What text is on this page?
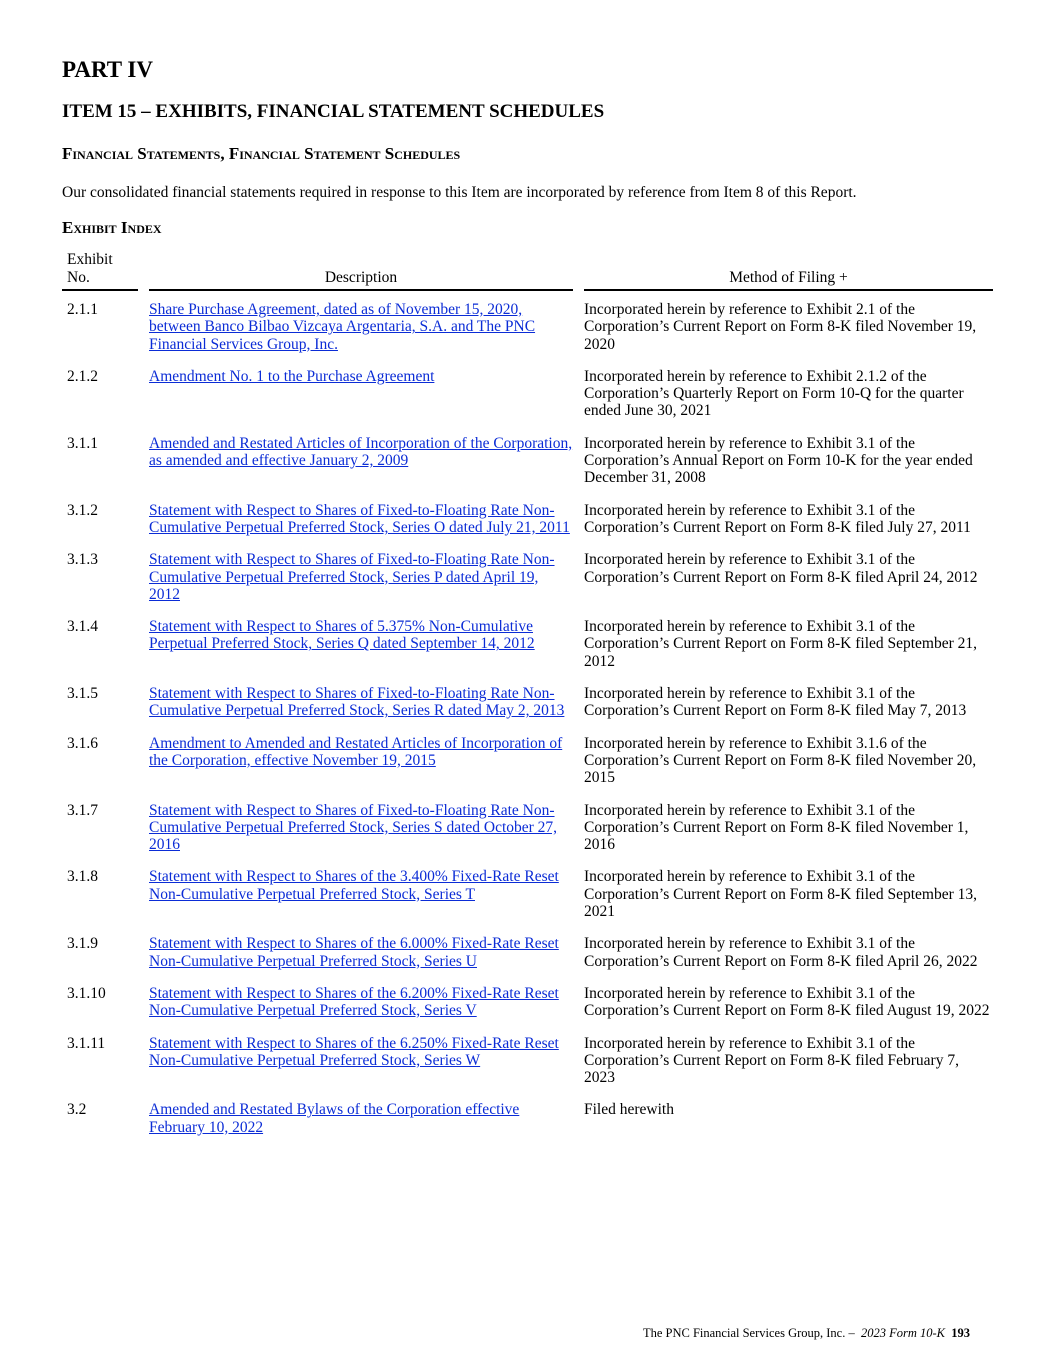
PART IV
ITEM 15 – EXHIBITS, FINANCIAL STATEMENT SCHEDULES

Financial Statements, Financial Statement Schedules

Our consolidated financial statements required in response to this Item are incorporated by reference from Item 8 of this Report.

Exhibit Index

Exhibit
No.	Description	Method of Filing +

2.1.1	Share Purchase Agreement, dated as of November 15, 2020, between Banco Bilbao Vizcaya Argentaria, S.A. and The PNC Financial Services Group, Inc.	Incorporated herein by reference to Exhibit 2.1 of the Corporation’s Current Report on Form 8-K filed November 19, 2020
2.1.2	Amendment No. 1 to the Purchase Agreement	Incorporated herein by reference to Exhibit 2.1.2 of the Corporation’s Quarterly Report on Form 10-Q for the quarter ended June 30, 2021
3.1.1	Amended and Restated Articles of Incorporation of the Corporation, as amended and effective January 2, 2009	Incorporated herein by reference to Exhibit 3.1 of the Corporation’s Annual Report on Form 10-K for the year ended December 31, 2008
3.1.2	Statement with Respect to Shares of Fixed-to-Floating Rate Non-Cumulative Perpetual Preferred Stock, Series O dated July 21, 2011	Incorporated herein by reference to Exhibit 3.1 of the Corporation’s Current Report on Form 8-K filed July 27, 2011
3.1.3	Statement with Respect to Shares of Fixed-to-Floating Rate Non-Cumulative Perpetual Preferred Stock, Series P dated April 19, 2012	Incorporated herein by reference to Exhibit 3.1 of the Corporation’s Current Report on Form 8-K filed April 24, 2012
3.1.4	Statement with Respect to Shares of 5.375% Non-Cumulative Perpetual Preferred Stock, Series Q dated September 14, 2012	Incorporated herein by reference to Exhibit 3.1 of the Corporation’s Current Report on Form 8-K filed September 21, 2012
3.1.5	Statement with Respect to Shares of Fixed-to-Floating Rate Non-Cumulative Perpetual Preferred Stock, Series R dated May 2, 2013	Incorporated herein by reference to Exhibit 3.1 of the Corporation’s Current Report on Form 8-K filed May 7, 2013
3.1.6	Amendment to Amended and Restated Articles of Incorporation of the Corporation, effective November 19, 2015	Incorporated herein by reference to Exhibit 3.1.6 of the Corporation’s Current Report on Form 8-K filed November 20, 2015
3.1.7	Statement with Respect to Shares of Fixed-to-Floating Rate Non-Cumulative Perpetual Preferred Stock, Series S dated October 27, 2016	Incorporated herein by reference to Exhibit 3.1 of the Corporation’s Current Report on Form 8-K filed November 1, 2016
3.1.8	Statement with Respect to Shares of the 3.400% Fixed-Rate Reset Non-Cumulative Perpetual Preferred Stock, Series T	Incorporated herein by reference to Exhibit 3.1 of the Corporation’s Current Report on Form 8-K filed September 13, 2021
3.1.9	Statement with Respect to Shares of the 6.000% Fixed-Rate Reset Non-Cumulative Perpetual Preferred Stock, Series U	Incorporated herein by reference to Exhibit 3.1 of the Corporation’s Current Report on Form 8-K filed April 26, 2022
3.1.10	Statement with Respect to Shares of the 6.200% Fixed-Rate Reset Non-Cumulative Perpetual Preferred Stock, Series V	Incorporated herein by reference to Exhibit 3.1 of the Corporation’s Current Report on Form 8-K filed August 19, 2022
3.1.11	Statement with Respect to Shares of the 6.250% Fixed-Rate Reset Non-Cumulative Perpetual Preferred Stock, Series W	Incorporated herein by reference to Exhibit 3.1 of the Corporation’s Current Report on Form 8-K filed February 7, 2023
3.2	Amended and Restated Bylaws of the Corporation effective February 10, 2022	Filed herewith
The PNC Financial Services Group, Inc. – 2023 Form 10-K 193
